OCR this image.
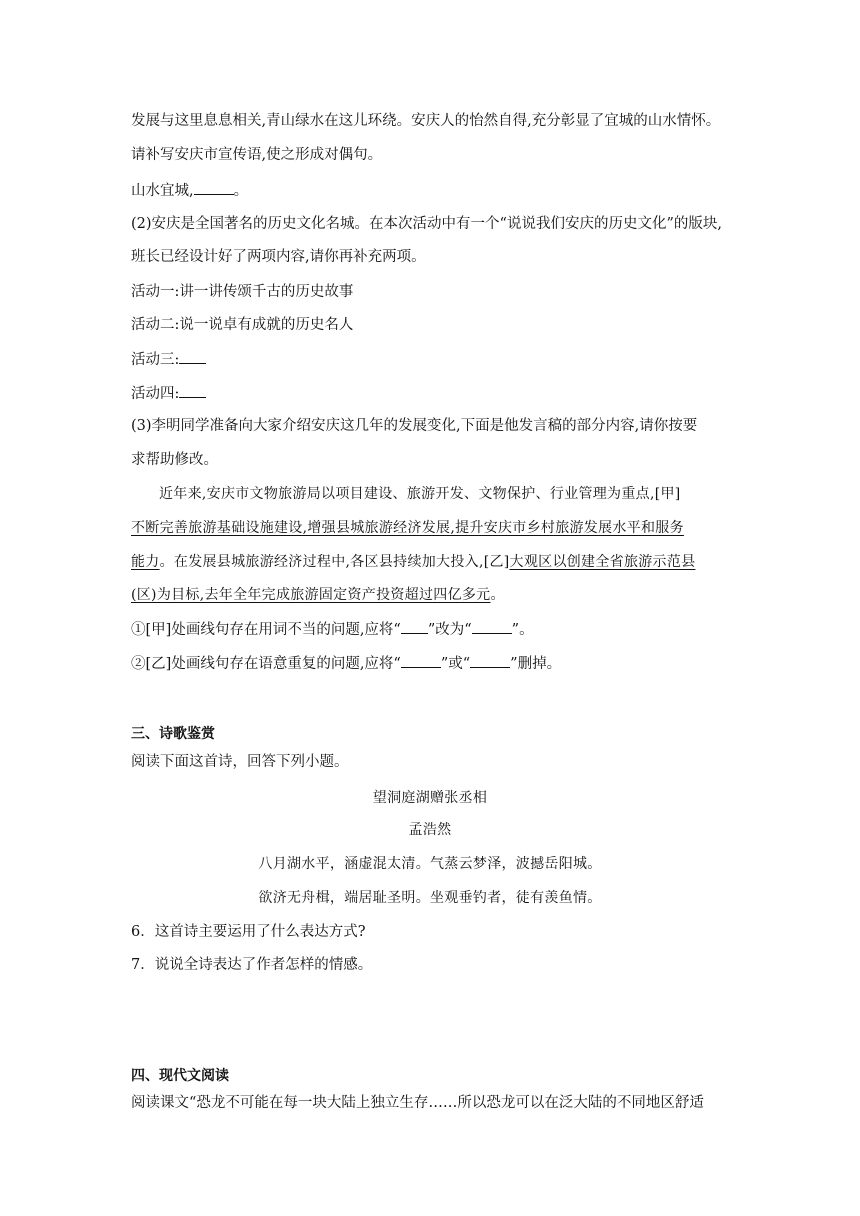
发展与这里息息相关,青山绿水在这儿环绕。安庆人的怡然自得,充分彰显了宜城的山水情怀。
请补写安庆市宣传语,使之形成对偶句。
山水宜城,	。
(2)安庆是全国著名的历史文化名城。在本次活动中有一个“说说我们安庆的历史文化”的版块,
班长已经设计好了两项内容,请你再补充两项。
活动一:讲一讲传颂千古的历史故事
活动二:说一说卓有成就的历史名人
活动三:
活动四:
(3)李明同学准备向大家介绍安庆这几年的发展变化,下面是他发言稿的部分内容,请你按要
求帮助修改。
近年来,安庆市文物旅游局以项目建设、旅游开发、文物保护、行业管理为重点,[甲]
不断完善旅游基础设施建设,增强县城旅游经济发展,提升安庆市乡村旅游发展水平和服务
能力。在发展县城旅游经济过程中,各区县持续加大投入,[乙]大观区以创建全省旅游示范县
(区)为目标,去年全年完成旅游固定资产投资超过四亿多元。
①[甲]处画线句存在用词不当的问题,应将“ ”改为“	”。
②[乙]处画线句存在语意重复的问题,应将“	”或“	”删掉。
三、诗歌鉴赏
阅读下面这首诗，回答下列小题。
望洞庭湖赠张丞相
孟浩然
八月湖水平，涵虚混太清。气蒸云梦泽，波撼岳阳城。
欲济无舟楫，端居耻圣明。坐观垂钓者，徒有羡鱼情。
6．这首诗主要运用了什么表达方式?
7．说说全诗表达了作者怎样的情感。
四、现代文阅读
阅读课文“恐龙不可能在每一块大陆上独立生存……所以恐龙可以在泛大陆的不同地区舒适
